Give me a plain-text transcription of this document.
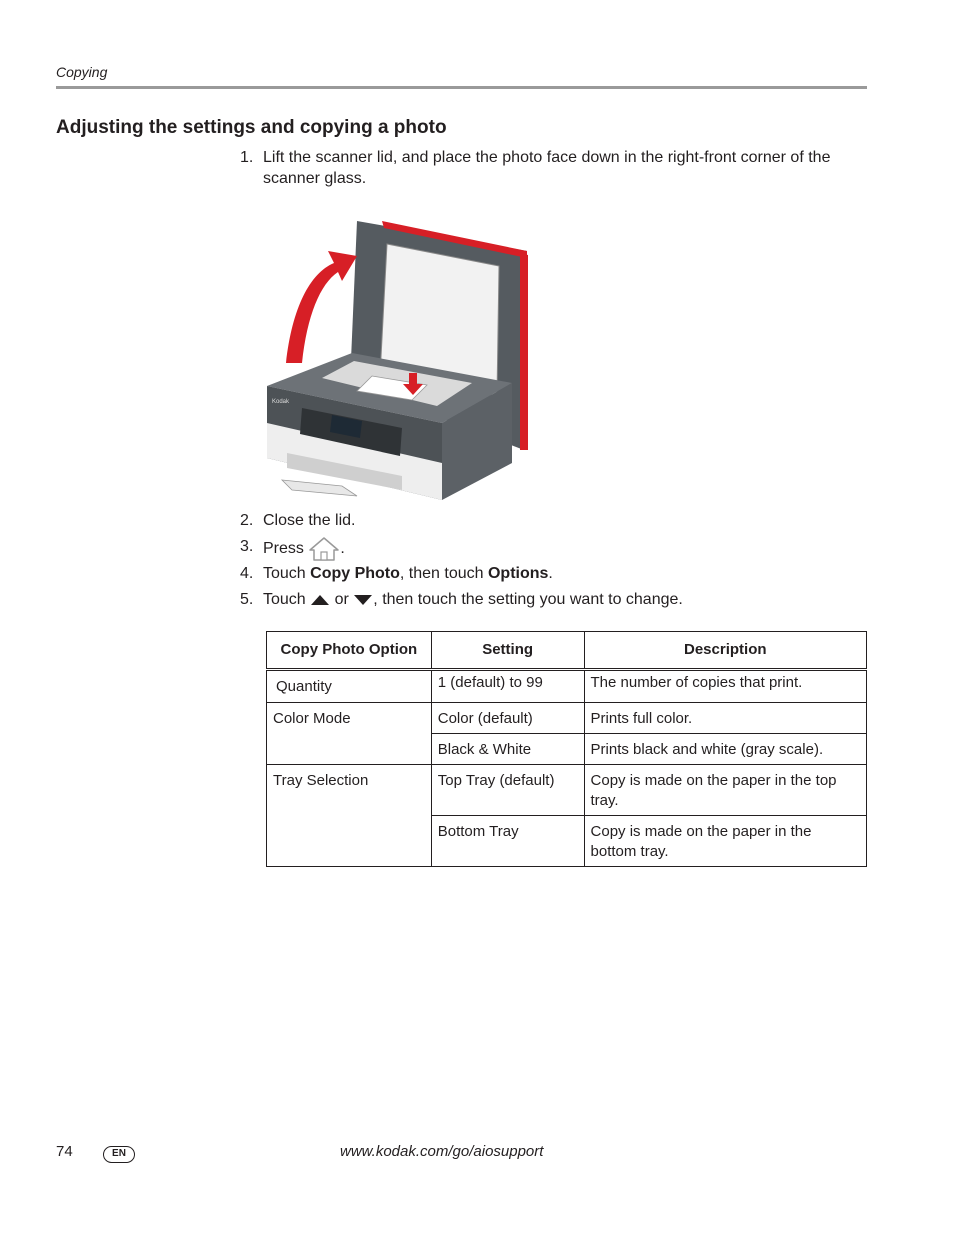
Copying
Adjusting the settings and copying a photo
1. Lift the scanner lid, and place the photo face down in the right-front corner of the scanner glass.
Kodak
2. Close the lid.
3. Press .
4. Touch Copy Photo, then touch Options.
5. Touch or , then touch the setting you want to change.
Copy Photo Option	Setting	Description
Quantity	1 (default) to 99	The number of copies that print.
Color Mode	Color (default)	Prints full color.
	Black & White	Prints black and white (gray scale).
Tray Selection	Top Tray (default)	Copy is made on the paper in the top tray.
	Bottom Tray	Copy is made on the paper in the bottom tray.
74	EN	www.kodak.com/go/aiosupport
